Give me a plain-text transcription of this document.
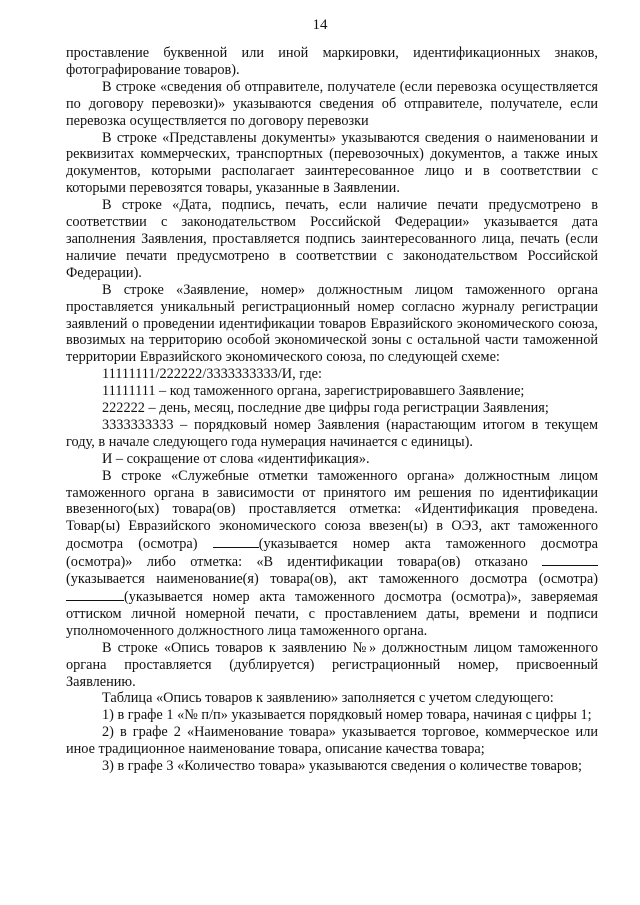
14

проставление буквенной или иной маркировки, идентификационных знаков, фотографирование товаров).

В строке «сведения об отправителе, получателе (если перевозка осуществляется по договору перевозки)» указываются сведения об отправителе, получателе, если перевозка осуществляется по договору перевозки

В строке «Представлены документы» указываются сведения о наименовании и реквизитах коммерческих, транспортных (перевозочных) документов, а также иных документов, которыми располагает заинтересованное лицо и в соответствии с которыми перевозятся товары, указанные в Заявлении.

В строке «Дата, подпись, печать, если наличие печати предусмотрено в соответствии с законодательством Российской Федерации» указывается дата заполнения Заявления, проставляется подпись заинтересованного лица, печать (если наличие печати предусмотрено в соответствии с законодательством Российской Федерации).

В строке «Заявление, номер» должностным лицом таможенного органа проставляется уникальный регистрационный номер согласно журналу регистрации заявлений о проведении идентификации товаров Евразийского экономического союза, ввозимых на территорию особой экономической зоны с остальной части таможенной территории Евразийского экономического союза, по следующей схеме:

11111111/222222/3333333333/И, где:

11111111 – код таможенного органа, зарегистрировавшего Заявление;

222222 – день, месяц, последние две цифры года регистрации Заявления;

3333333333 – порядковый номер Заявления (нарастающим итогом в текущем году, в начале следующего года нумерация начинается с единицы).

И – сокращение от слова «идентификация».

В строке «Служебные отметки таможенного органа» должностным лицом таможенного органа в зависимости от принятого им решения по идентификации ввезенного(ых) товара(ов) проставляется отметка: «Идентификация проведена. Товар(ы) Евразийского экономического союза ввезен(ы) в ОЭЗ, акт таможенного досмотра (осмотра)	(указывается номер акта таможенного досмотра (осмотра)» либо отметка: «В идентификации товара(ов) отказано (указывается наименование(я) товара(ов), акт таможенного досмотра (осмотра)(указывается номер акта таможенного досмотра (осмотра)», заверяемая оттиском личной номерной печати, с проставлением даты, времени и подписи уполномоченного должностного лица таможенного органа.

В строке «Опись товаров к заявлению №» должностным лицом таможенного органа проставляется (дублируется) регистрационный номер, присвоенный Заявлению.

Таблица «Опись товаров к заявлению» заполняется с учетом следующего:

1) в графе 1 «№ п/п» указывается порядковый номер товара, начиная с цифры 1;

2) в графе 2 «Наименование товара» указывается торговое, коммерческое или иное традиционное наименование товара, описание качества товара;

3) в графе 3 «Количество товара» указываются сведения о количестве товаров;
